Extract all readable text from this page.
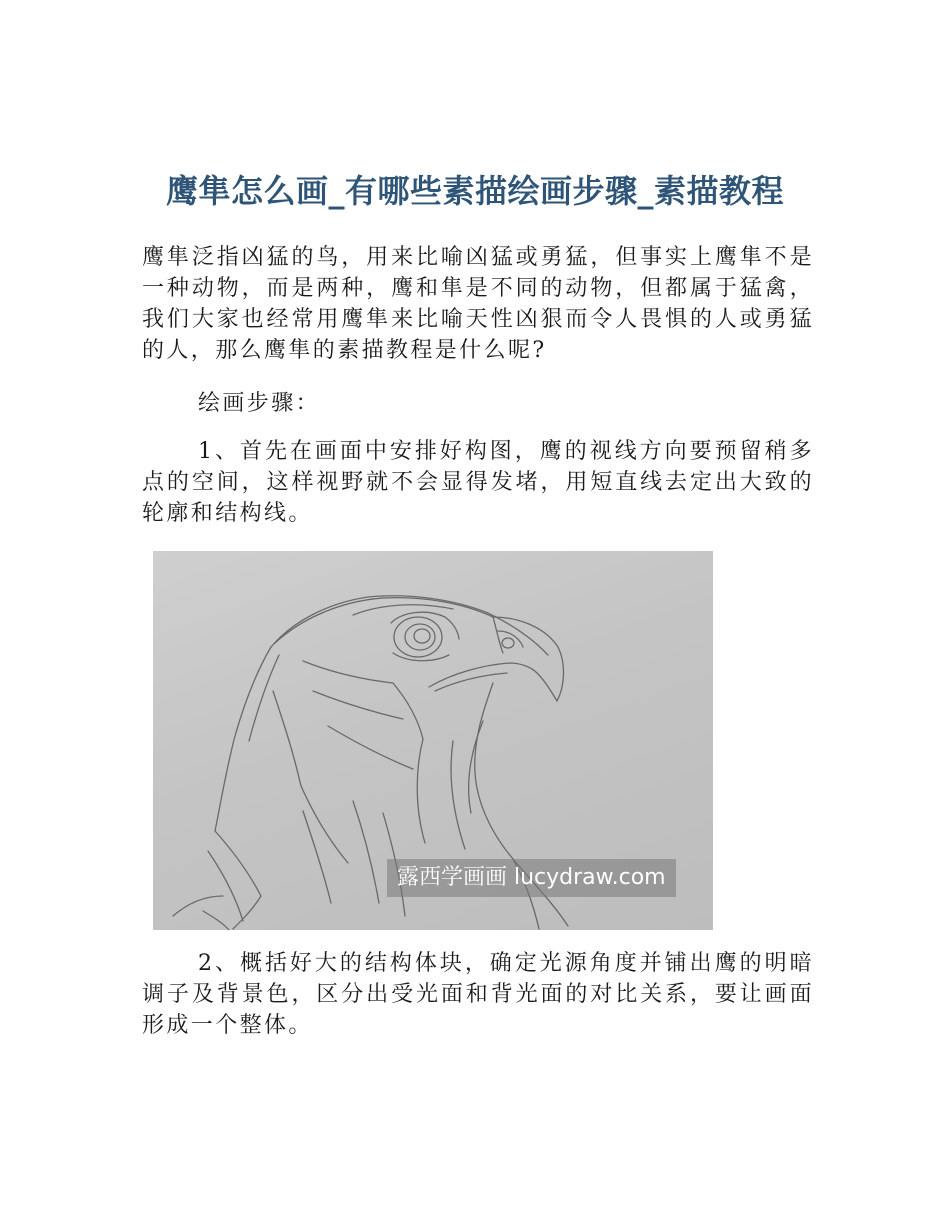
鹰隼怎么画_有哪些素描绘画步骤_素描教程

鹰隼泛指凶猛的鸟，用来比喻凶猛或勇猛，但事实上鹰隼不是一种动物，而是两种，鹰和隼是不同的动物，但都属于猛禽，我们大家也经常用鹰隼来比喻天性凶狠而令人畏惧的人或勇猛的人，那么鹰隼的素描教程是什么呢?

绘画步骤：

1、首先在画面中安排好构图，鹰的视线方向要预留稍多点的空间，这样视野就不会显得发堵，用短直线去定出大致的轮廓和结构线。

露西学画画 lucydraw.com

2、概括好大的结构体块，确定光源角度并铺出鹰的明暗调子及背景色，区分出受光面和背光面的对比关系，要让画面形成一个整体。
